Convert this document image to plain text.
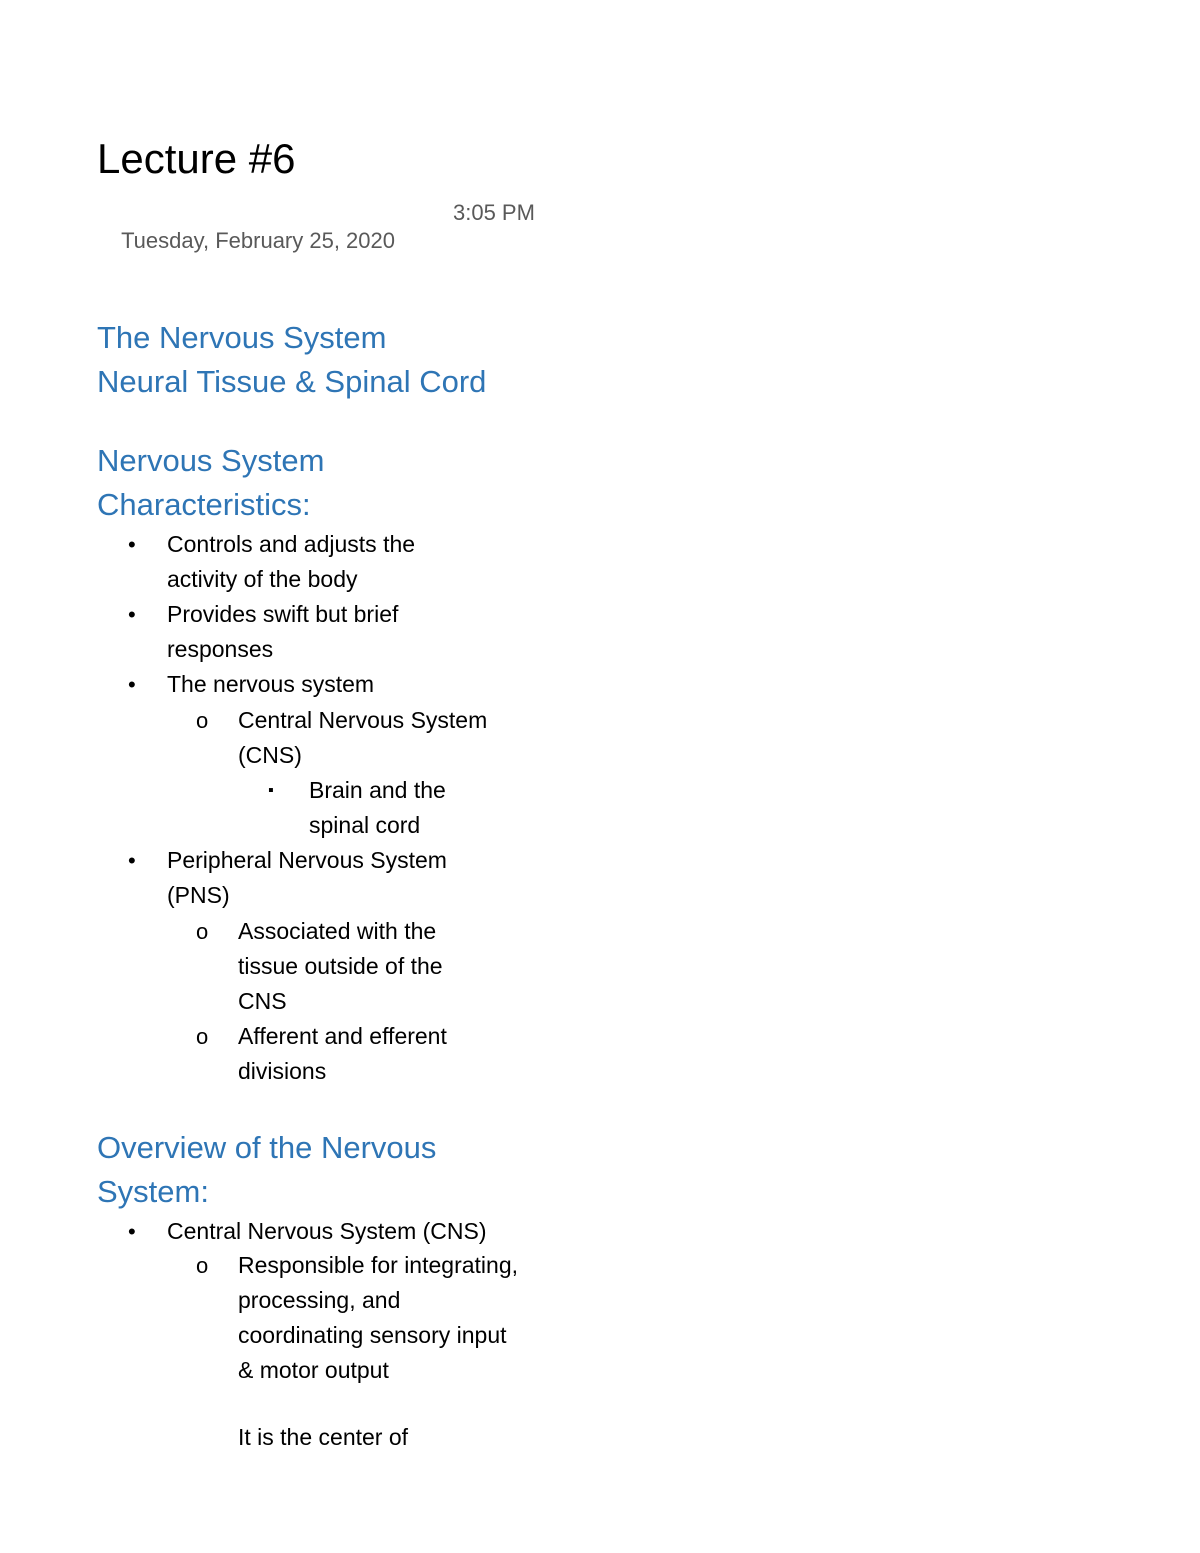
Lecture #6

Tuesday, February 25, 2020

3:05 PM

The Nervous System
Neural Tissue & Spinal Cord
Nervous System Characteristics:
• Controls and adjusts the activity of the body
• Provides swift but brief responses
• The nervous system
o Central Nervous System (CNS)
▪ Brain and the spinal cord
• Peripheral Nervous System (PNS)
o Associated with the tissue outside of the CNS
o Afferent and efferent divisions
Overview of the Nervous System:
• Central Nervous System (CNS)
o Responsible for integrating, processing, and coordinating sensory input & motor output
It is the center of
